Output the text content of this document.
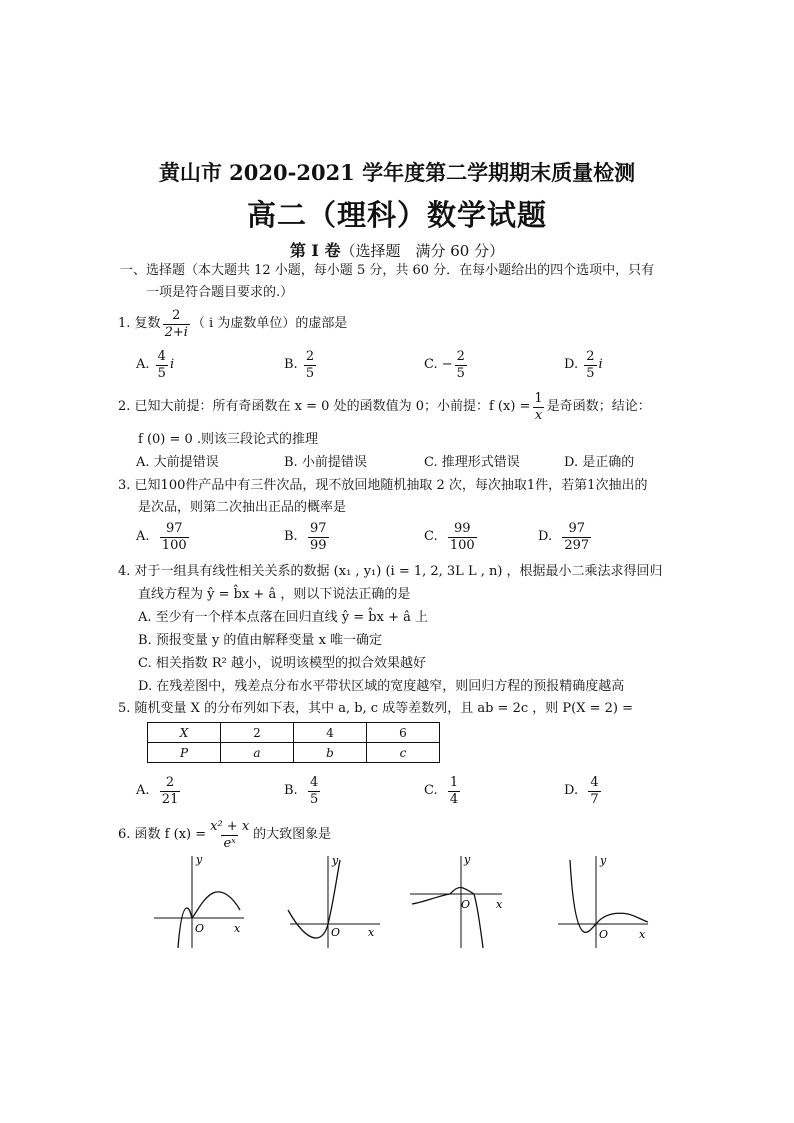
黄山市 2020-2021 学年度第二学期期末质量检测
高二（理科）数学试题
第 I 卷（选择题　满分 60 分）
一、选择题（本大题共 12 小题，每小题 5 分，共 60 分．在每小题给出的四个选项中，只有
一项是符合题目要求的.）
1.
复数 $\frac{2}{2+i}$ （ i 为虚数单位）的虚部是
A.
$\frac{4}{5}$ i	B.
$\frac{2}{5}$	C.
− $\frac{2}{5}$	D.
$\frac{2}{5}$ i
2.
已知大前提：所有奇函数在 x = 0 处的函数值为 0；小前提：f $(x) = \frac{1}{x}$ 是奇函数；结论：
f (0) = 0 .则该三段论式的推理
A. 大前提错误	B. 小前提错误	C. 推理形式错误	D. 是正确的
3. 已知100件产品中有三件次品，现不放回地随机抽取 2 次，每次抽取1件，若第1次抽出的
是次品，则第二次抽出正品的概率是
A.
$\frac{97}{100}$	B.
$\frac{97}{99}$	C.
$\frac{99}{100}$	D.
$\frac{97}{297}$
4. 对于一组具有线性相关关系的数据 (x₁ , y₁) (i = 1, 2, 3L L , n) ，根据最小二乘法求得回归
直线方程为 ŷ = b̂x + â ，则以下说法正确的是
A. 至少有一个样本点落在回归直线 ŷ = b̂x + â 上
B. 预报变量 y 的值由解释变量 x 唯一确定
C. 相关指数 R² 越小，说明该模型的拟合效果越好
D. 在残差图中，残差点分布水平带状区域的宽度越窄，则回归方程的预报精确度越高
5. 随机变量 X 的分布列如下表，其中 a, b, c 成等差数列，且 ab = 2c ，则 P(X = 2) =
X	2	4	6
P	a	b	c
A.
$\frac{2}{21}$	B.
$\frac{4}{5}$	C.
$\frac{1}{4}$	D.
$\frac{4}{7}$
6.
函数 f $(x) = \frac{\text{x² + x}}{\text{eˣ}}$ 的大致图象是
y
x
O
y
x
O
y
x
O
y
x
O
